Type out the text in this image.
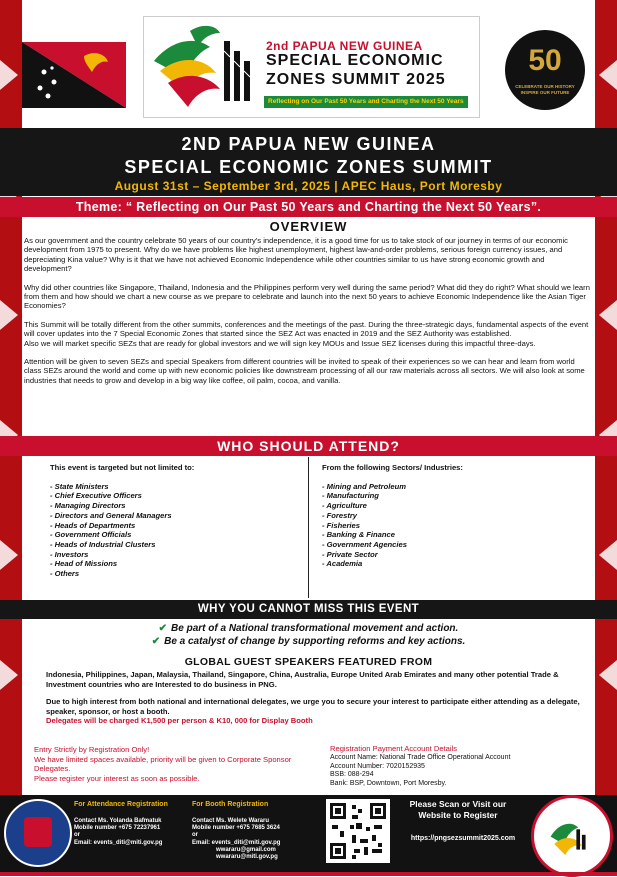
2nd PAPUA NEW GUINEA
SPECIAL ECONOMIC
ZONES SUMMIT 2025
Reflecting on Our Past 50 Years and Charting the Next 50 Years
50
CELEBRATE OUR HISTORY INSPIRE OUR FUTURE
2ND PAPUA NEW GUINEA
SPECIAL ECONOMIC ZONES SUMMIT
August 31st – September 3rd, 2025 | APEC Haus, Port Moresby
Theme: “ Reflecting on Our Past 50 Years and Charting the Next 50 Years”.
OVERVIEW

As our government and the country celebrate 50 years of our country’s independence, it is a good time for us to take stock of our journey in terms of our economic development from 1975 to present. Why do we have problems like highest unemployment, highest law-and-order problems, serious foreign currency issues, and depreciating Kina value? Why is it that we have not achieved Economic Independence while other countries similar to us have strong economic growth and development?

Why did other countries like Singapore, Thailand, Indonesia and the Philippines perform very well during the same period? What did they do right? What should we learn from them and how should we chart a new course as we prepare to celebrate and launch into the next 50 years to achieve Economic Independence like the Asian Tiger Economies?

This Summit will be totally different from the other summits, conferences and the meetings of the past. During the three-strategic days, fundamental aspects of the event will cover updates into the 7 Special Economic Zones that started since the SEZ Act was enacted in 2019 and the SEZ Authority was established.

Also we will market specific SEZs that are ready for global investors and we will sign key MOUs and Issue SEZ licenses during this impactful three-days.

Attention will be given to seven SEZs and special Speakers from different countries will be invited to speak of their experiences so we can hear and learn from world class SEZs around the world and come up with new economic policies like downstream processing of all our raw materials across all sectors. We will also look at some industries that needs to grow and develop in a big way like coffee, oil palm, cocoa, and vanilla.

WHO SHOULD ATTEND?
This event is targeted but not limited to:
- State Ministers
- Chief Executive Officers
- Managing Directors
- Directors and General Managers
- Heads of Departments
- Government Officials
- Heads of Industrial Clusters
- Investors
- Head of Missions
- Others
From the following Sectors/ Industries:
- Mining and Petroleum
- Manufacturing
- Agriculture
- Forestry
- Fisheries
- Banking & Finance
- Government Agencies
- Private Sector
- Academia
WHY YOU CANNOT MISS THIS EVENT
✔ Be part of a National transformational movement and action.
✔ Be a catalyst of change by supporting reforms and key actions.
GLOBAL GUEST SPEAKERS FEATURED FROM

Indonesia, Philippines, Japan, Malaysia, Thailand, Singapore, China, Australia, Europe United Arab Emirates and many other potential Trade & Investment countries who are Interested to do business in PNG.

Due to high interest from both national and international delegates, we urge you to secure your interest to participate either attending as a delegate, speaker, sponsor, or host a booth.

Delegates will be charged K1,500 per person & K10, 000 for Display Booth

Entry Strictly by Registration Only!
We have limited spaces available, priority will be given to Corporate Sponsor Delegates.
Please register your interest as soon as possible.
Registration Payment Account Details
Account Name: National Trade Office Operational Account
Account Number: 7020152935
BSB: 088-294
Bank: BSP, Downtown, Port Moresby.
For Attendance Registration
Contact Ms. Yolanda Bafmatuk
Mobile number +675 72237961
or
Email: events_diti@miti.gov.pg
For Booth Registration
Contact Ms. Welete Wararu
Mobile number +675 7685 3624
or
Email: events_diti@miti.gov.pg
wwararu@gmail.com
wwararu@miti.gov.pg
Please Scan or Visit our Website to Register
https://pngsezsummit2025.com
